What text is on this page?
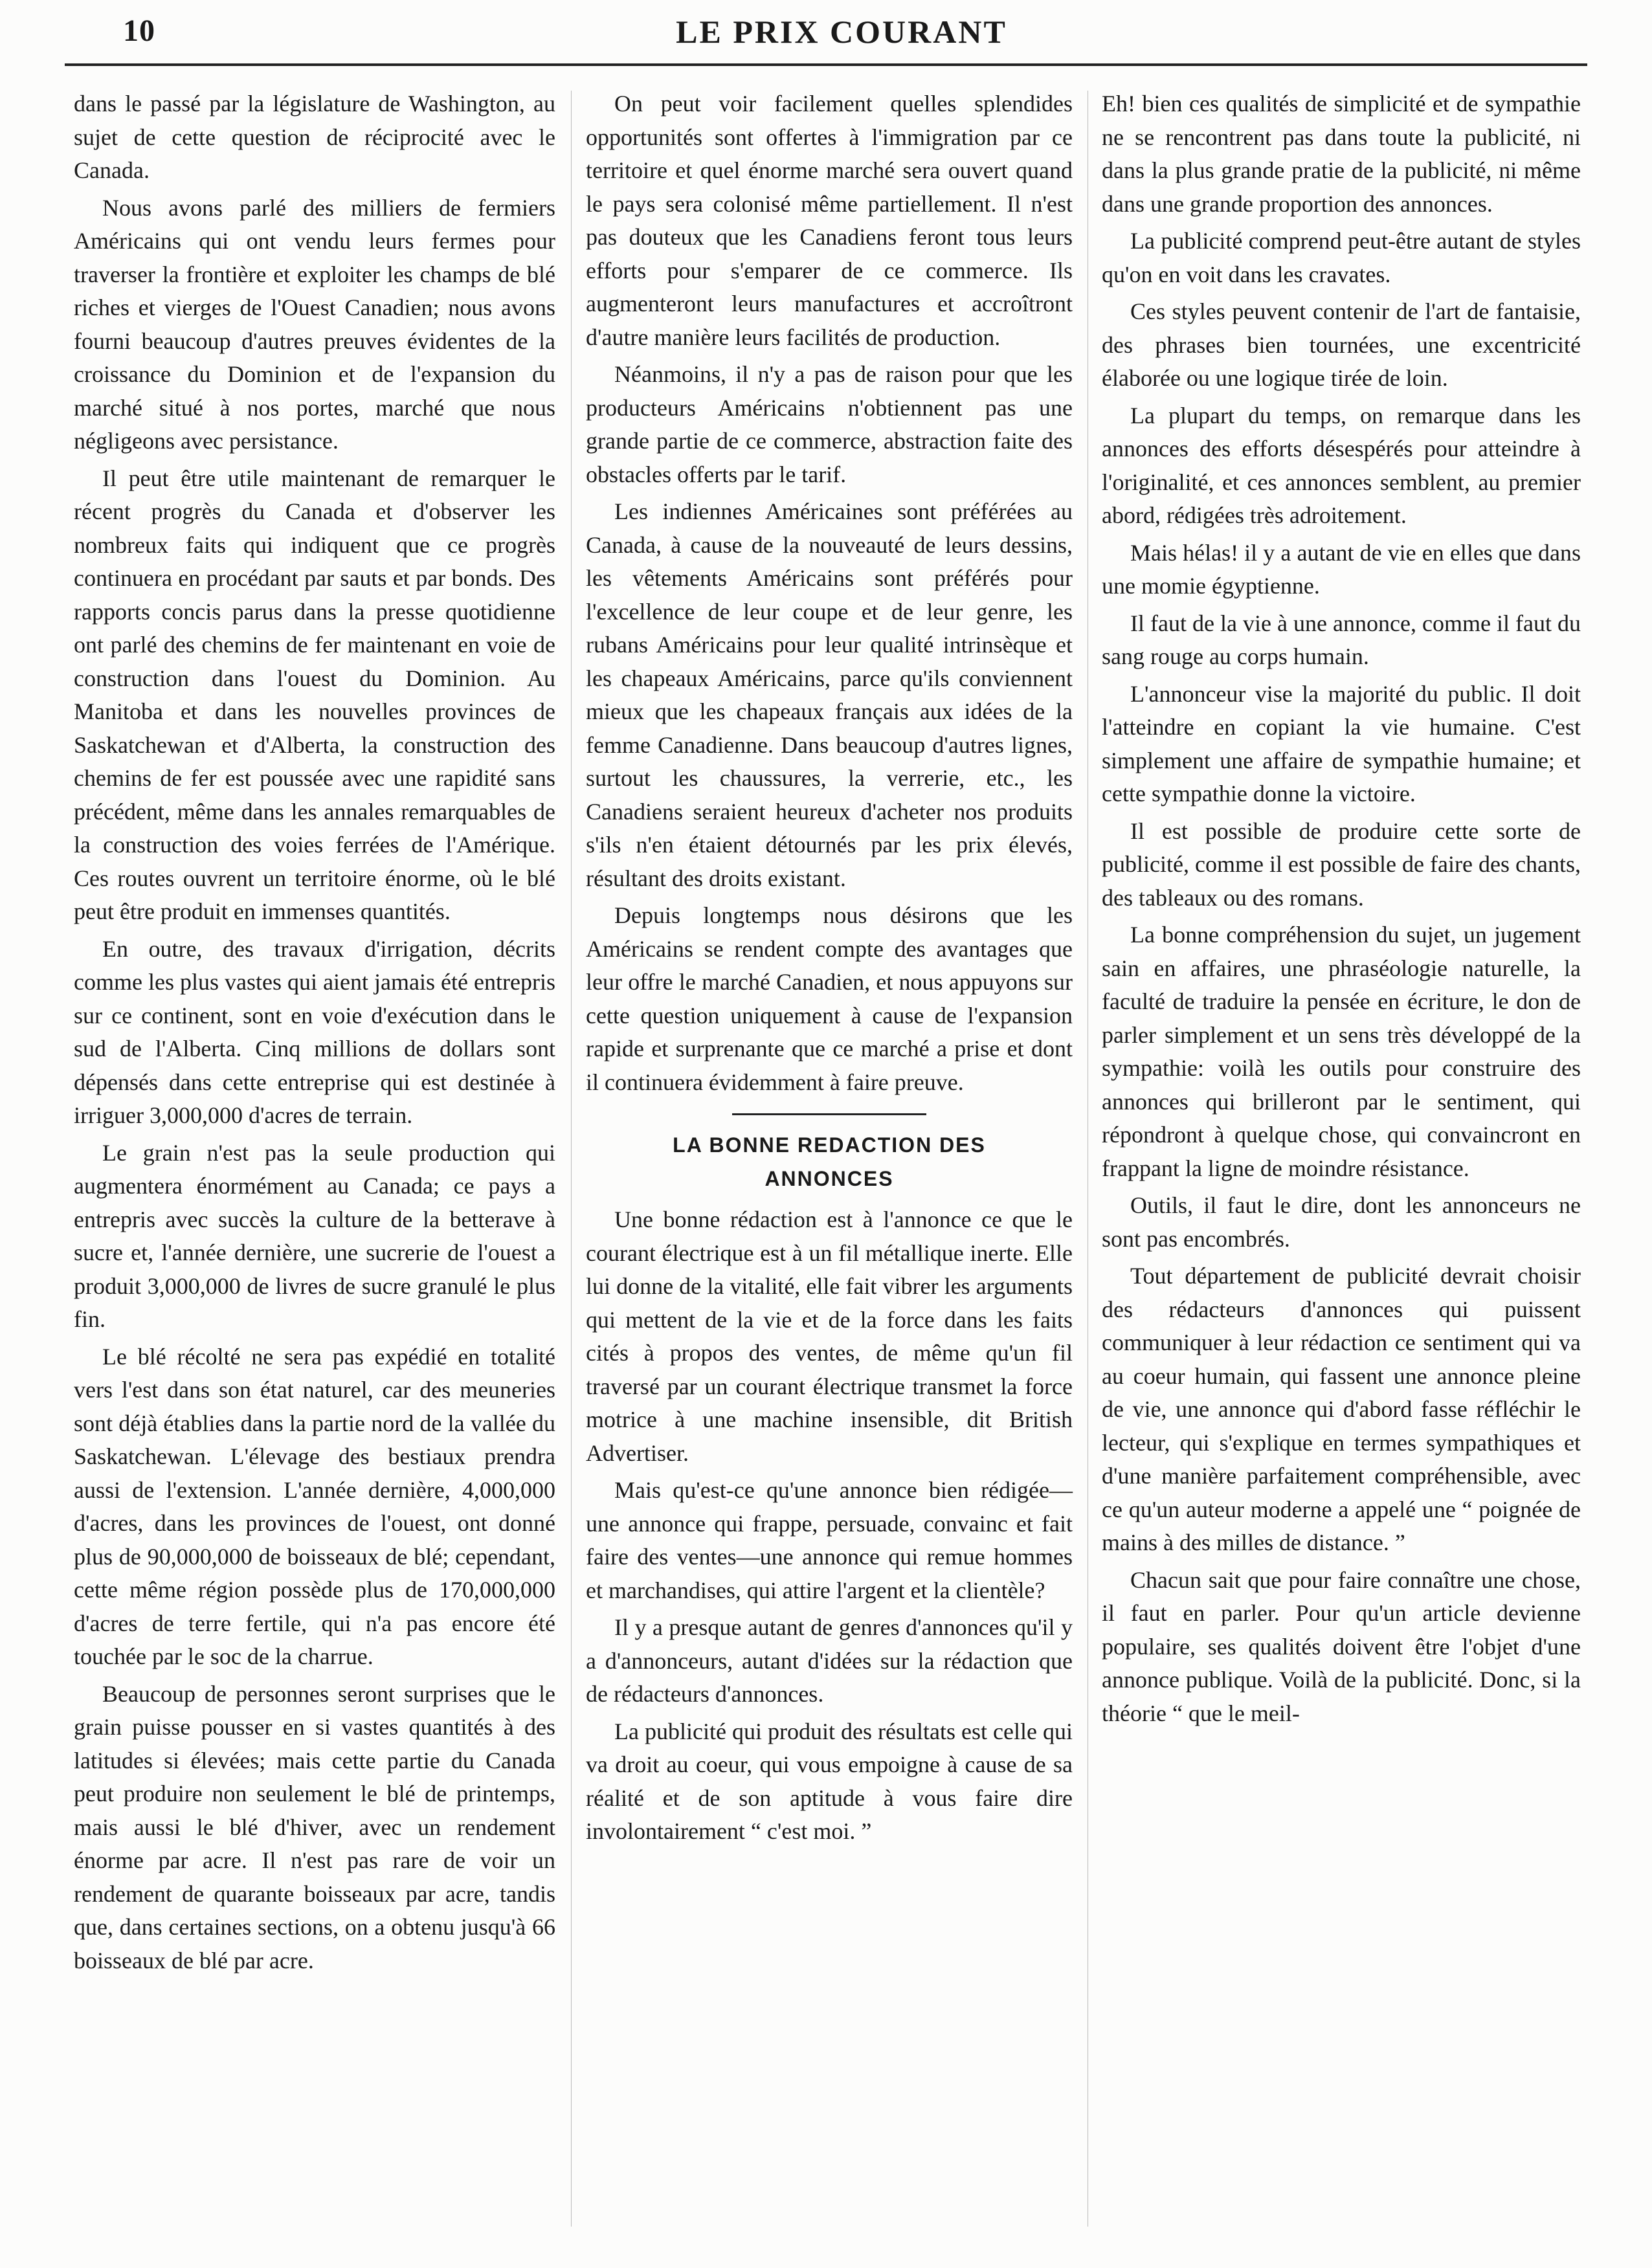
10	LE PRIX COURANT

dans le passé par la législature de Washington, au sujet de cette question de réciprocité avec le Canada.

Nous avons parlé des milliers de fermiers Américains qui ont vendu leurs fermes pour traverser la frontière et exploiter les champs de blé riches et vierges de l'Ouest Canadien; nous avons fourni beaucoup d'autres preuves évidentes de la croissance du Dominion et de l'expansion du marché situé à nos portes, marché que nous négligeons avec persistance.

Il peut être utile maintenant de remarquer le récent progrès du Canada et d'observer les nombreux faits qui indiquent que ce progrès continuera en procédant par sauts et par bonds. Des rapports concis parus dans la presse quotidienne ont parlé des chemins de fer maintenant en voie de construction dans l'ouest du Dominion. Au Manitoba et dans les nouvelles provinces de Saskatchewan et d'Alberta, la construction des chemins de fer est poussée avec une rapidité sans précédent, même dans les annales remarquables de la construction des voies ferrées de l'Amérique. Ces routes ouvrent un territoire énorme, où le blé peut être produit en immenses quantités.

En outre, des travaux d'irrigation, décrits comme les plus vastes qui aient jamais été entrepris sur ce continent, sont en voie d'exécution dans le sud de l'Alberta. Cinq millions de dollars sont dépensés dans cette entreprise qui est destinée à irriguer 3,000,000 d'acres de terrain.

Le grain n'est pas la seule production qui augmentera énormément au Canada; ce pays a entrepris avec succès la culture de la betterave à sucre et, l'année dernière, une sucrerie de l'ouest a produit 3,000,000 de livres de sucre granulé le plus fin.

Le blé récolté ne sera pas expédié en totalité vers l'est dans son état naturel, car des meuneries sont déjà établies dans la partie nord de la vallée du Saskatchewan. L'élevage des bestiaux prendra aussi de l'extension. L'année dernière, 4,000,000 d'acres, dans les provinces de l'ouest, ont donné plus de 90,000,000 de boisseaux de blé; cependant, cette même région possède plus de 170,000,000 d'acres de terre fertile, qui n'a pas encore été touchée par le soc de la charrue.

Beaucoup de personnes seront surprises que le grain puisse pousser en si vastes quantités à des latitudes si élevées; mais cette partie du Canada peut produire non seulement le blé de printemps, mais aussi le blé d'hiver, avec un rendement énorme par acre. Il n'est pas rare de voir un rendement de quarante boisseaux par acre, tandis que, dans certaines sections, on a obtenu jusqu'à 66 boisseaux de blé par acre.

On peut voir facilement quelles splendides opportunités sont offertes à l'immigration par ce territoire et quel énorme marché sera ouvert quand le pays sera colonisé même partiellement. Il n'est pas douteux que les Canadiens feront tous leurs efforts pour s'emparer de ce commerce. Ils augmenteront leurs manufactures et accroîtront d'autre manière leurs facilités de production.

Néanmoins, il n'y a pas de raison pour que les producteurs Américains n'obtiennent pas une grande partie de ce commerce, abstraction faite des obstacles offerts par le tarif.

Les indiennes Américaines sont préférées au Canada, à cause de la nouveauté de leurs dessins, les vêtements Américains sont préférés pour l'excellence de leur coupe et de leur genre, les rubans Américains pour leur qualité intrinsèque et les chapeaux Américains, parce qu'ils conviennent mieux que les chapeaux français aux idées de la femme Canadienne. Dans beaucoup d'autres lignes, surtout les chaussures, la verrerie, etc., les Canadiens seraient heureux d'acheter nos produits s'ils n'en étaient détournés par les prix élevés, résultant des droits existant.

Depuis longtemps nous désirons que les Américains se rendent compte des avantages que leur offre le marché Canadien, et nous appuyons sur cette question uniquement à cause de l'expansion rapide et surprenante que ce marché a prise et dont il continuera évidemment à faire preuve.

LA BONNE REDACTION DES
ANNONCES

Une bonne rédaction est à l'annonce ce que le courant électrique est à un fil métallique inerte. Elle lui donne de la vitalité, elle fait vibrer les arguments qui mettent de la vie et de la force dans les faits cités à propos des ventes, de même qu'un fil traversé par un courant électrique transmet la force motrice à une machine insensible, dit British Advertiser.

Mais qu'est-ce qu'une annonce bien rédigée—une annonce qui frappe, persuade, convainc et fait faire des ventes—une annonce qui remue hommes et marchandises, qui attire l'argent et la clientèle?

Il y a presque autant de genres d'annonces qu'il y a d'annonceurs, autant d'idées sur la rédaction que de rédacteurs d'annonces.

La publicité qui produit des résultats est celle qui va droit au coeur, qui vous empoigne à cause de sa réalité et de son aptitude à vous faire dire involontairement “ c'est moi. ”

Eh! bien ces qualités de simplicité et de sympathie ne se rencontrent pas dans toute la publicité, ni dans la plus grande pratie de la publicité, ni même dans une grande proportion des annonces.

La publicité comprend peut-être autant de styles qu'on en voit dans les cravates.

Ces styles peuvent contenir de l'art de fantaisie, des phrases bien tournées, une excentricité élaborée ou une logique tirée de loin.

La plupart du temps, on remarque dans les annonces des efforts désespérés pour atteindre à l'originalité, et ces annonces semblent, au premier abord, rédigées très adroitement.

Mais hélas! il y a autant de vie en elles que dans une momie égyptienne.

Il faut de la vie à une annonce, comme il faut du sang rouge au corps humain.

L'annonceur vise la majorité du public. Il doit l'atteindre en copiant la vie humaine. C'est simplement une affaire de sympathie humaine; et cette sympathie donne la victoire.

Il est possible de produire cette sorte de publicité, comme il est possible de faire des chants, des tableaux ou des romans.

La bonne compréhension du sujet, un jugement sain en affaires, une phraséologie naturelle, la faculté de traduire la pensée en écriture, le don de parler simplement et un sens très développé de la sympathie: voilà les outils pour construire des annonces qui brilleront par le sentiment, qui répondront à quelque chose, qui convaincront en frappant la ligne de moindre résistance.

Outils, il faut le dire, dont les annonceurs ne sont pas encombrés.

Tout département de publicité devrait choisir des rédacteurs d'annonces qui puissent communiquer à leur rédaction ce sentiment qui va au coeur humain, qui fassent une annonce pleine de vie, une annonce qui d'abord fasse réfléchir le lecteur, qui s'explique en termes sympathiques et d'une manière parfaitement compréhensible, avec ce qu'un auteur moderne a appelé une “ poignée de mains à des milles de distance. ”

Chacun sait que pour faire connaître une chose, il faut en parler. Pour qu'un article devienne populaire, ses qualités doivent être l'objet d'une annonce publique. Voilà de la publicité. Donc, si la théorie “ que le meil-
